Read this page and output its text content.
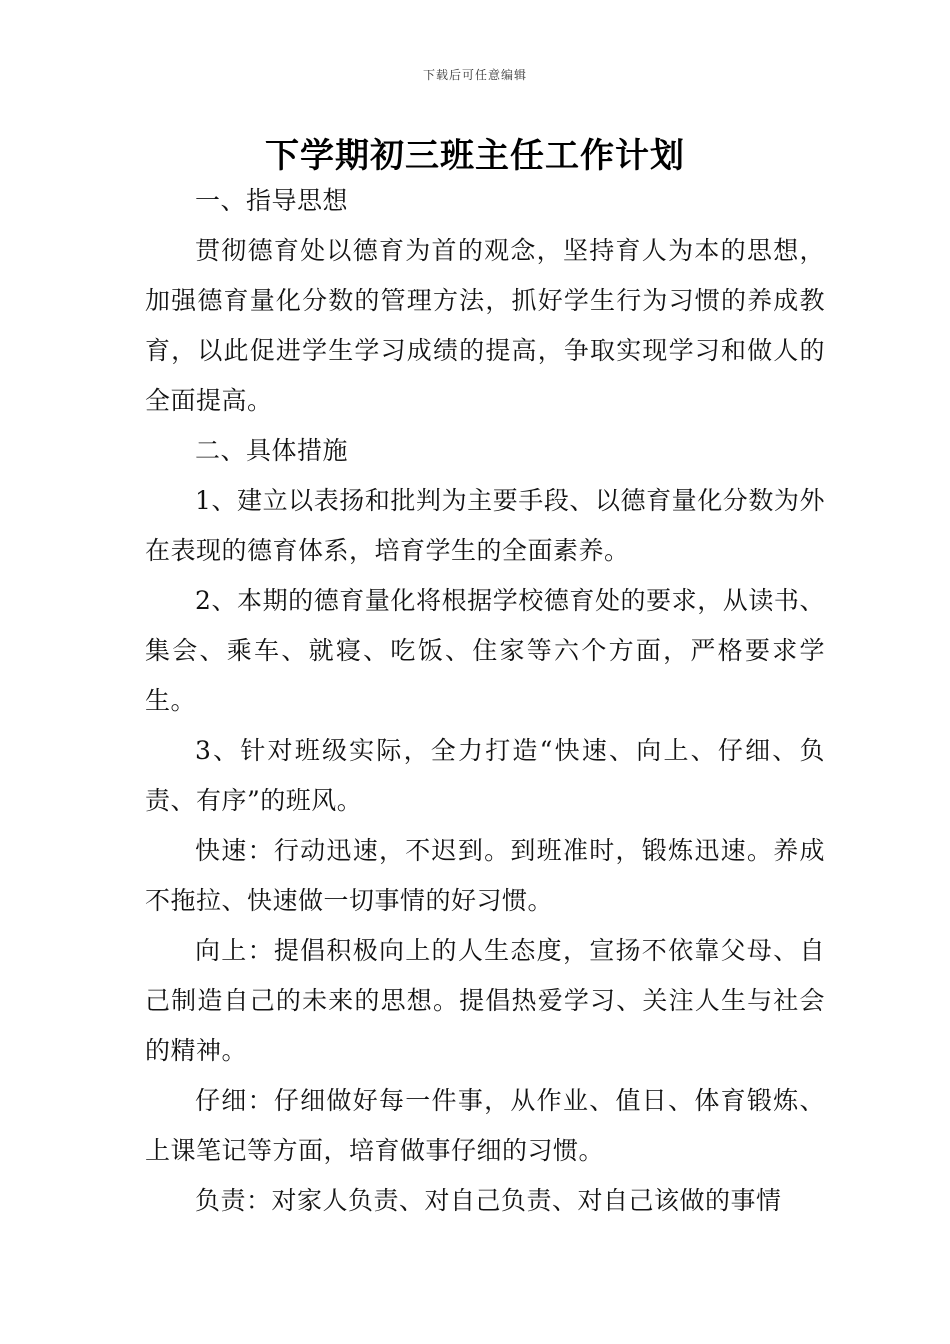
下载后可任意编辑
下学期初三班主任工作计划

一、指导思想

贯彻德育处以德育为首的观念，坚持育人为本的思想，加强德育量化分数的管理方法，抓好学生行为习惯的养成教育，以此促进学生学习成绩的提高，争取实现学习和做人的全面提高。

二、具体措施

1、建立以表扬和批判为主要手段、以德育量化分数为外在表现的德育体系，培育学生的全面素养。

2、本期的德育量化将根据学校德育处的要求，从读书、集会、乘车、就寝、吃饭、住家等六个方面，严格要求学生。

3、针对班级实际，全力打造“快速、向上、仔细、负责、有序”的班风。

快速：行动迅速，不迟到。到班准时，锻炼迅速。养成不拖拉、快速做一切事情的好习惯。

向上：提倡积极向上的人生态度，宣扬不依靠父母、自己制造自己的未来的思想。提倡热爱学习、关注人生与社会的精神。

仔细：仔细做好每一件事，从作业、值日、体育锻炼、上课笔记等方面，培育做事仔细的习惯。

负责：对家人负责、对自己负责、对自己该做的事情
